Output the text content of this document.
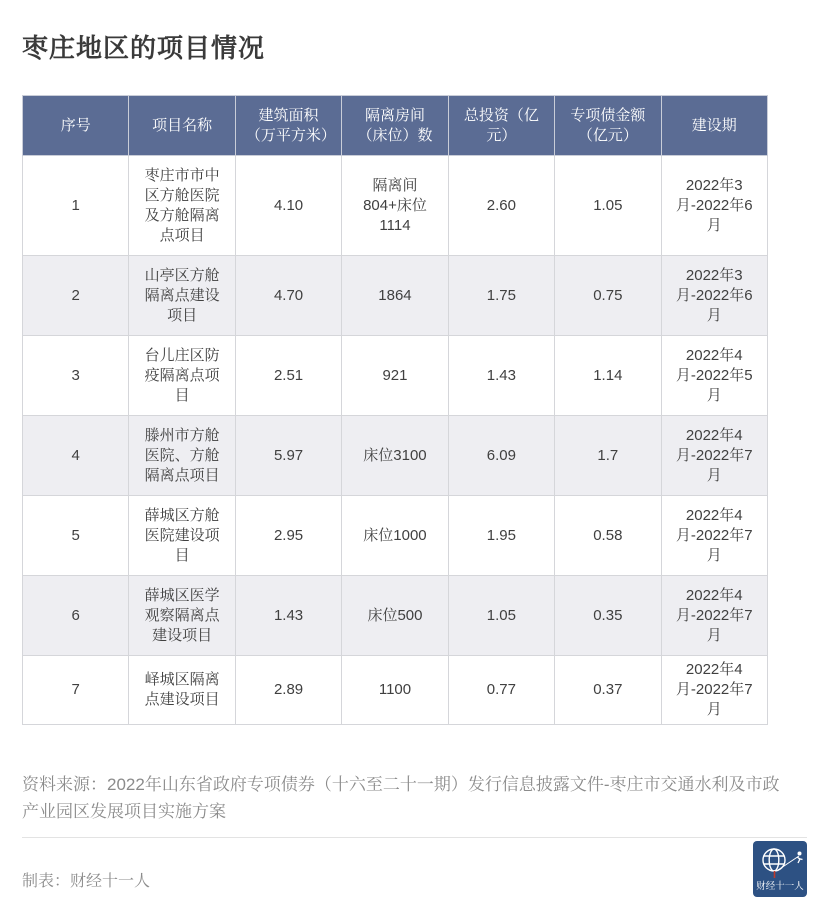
枣庄地区的项目情况
序号	项目名称	建筑面积（万平方米）	隔离房间（床位）数	总投资（亿元）	专项债金额（亿元）	建设期
1	枣庄市市中区方舱医院及方舱隔离点项目	4.10	隔离间804+床位1114	2.60	1.05	2022年3月-2022年6月
2	山亭区方舱隔离点建设项目	4.70	1864	1.75	0.75	2022年3月-2022年6月
3	台儿庄区防疫隔离点项目	2.51	921	1.43	1.14	2022年4月-2022年5月
4	滕州市方舱医院、方舱隔离点项目	5.97	床位3100	6.09	1.7	2022年4月-2022年7月
5	薛城区方舱医院建设项目	2.95	床位1000	1.95	0.58	2022年4月-2022年7月
6	薛城区医学观察隔离点建设项目	1.43	床位500	1.05	0.35	2022年4月-2022年7月
7	峄城区隔离点建设项目	2.89	1100	0.77	0.37	2022年4月-2022年7月

资料来源：2022年山东省政府专项债券（十六至二十一期）发行信息披露文件-枣庄市交通水利及市政产业园区发展项目实施方案

制表：财经十一人	财经十一人
